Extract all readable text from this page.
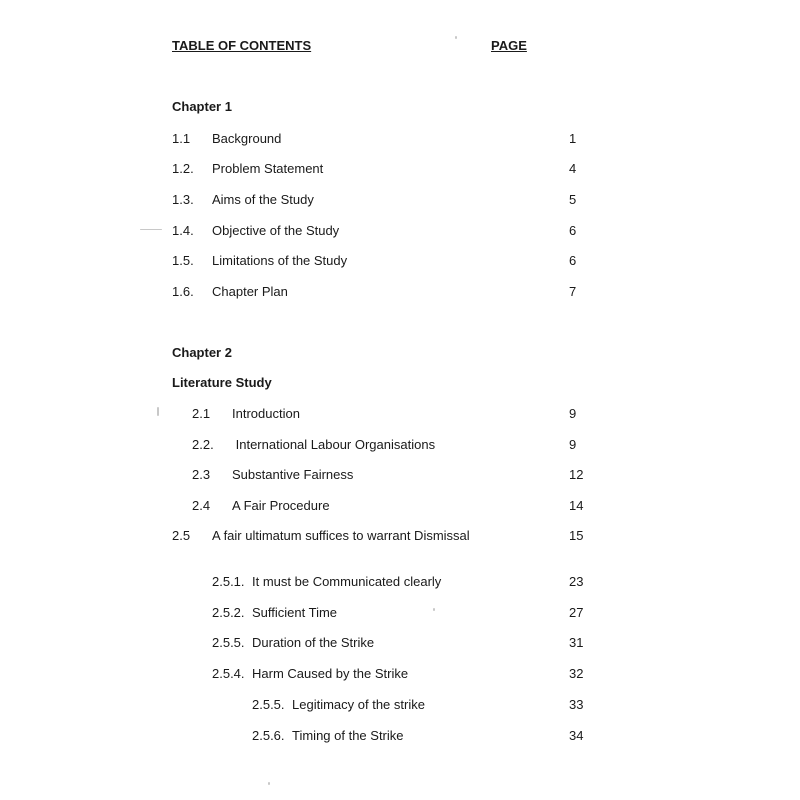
TABLE OF CONTENTS	PAGE
Chapter 1
1.1 Background	1
1.2. Problem Statement	4
1.3. Aims of the Study	5
1.4. Objective of the Study	6
1.5. Limitations of the Study	6
1.6. Chapter Plan	7
Chapter 2
Literature Study
2.1 Introduction	9
2.2. International Labour Organisations	9
2.3 Substantive Fairness	12
2.4 A Fair Procedure	14
2.5 A fair ultimatum suffices to warrant Dismissal	15
2.5.1. It must be Communicated clearly	23
2.5.2. Sufficient Time	27
2.5.5. Duration of the Strike	31
2.5.4. Harm Caused by the Strike	32
2.5.5. Legitimacy of the strike	33
2.5.6. Timing of the Strike	34
